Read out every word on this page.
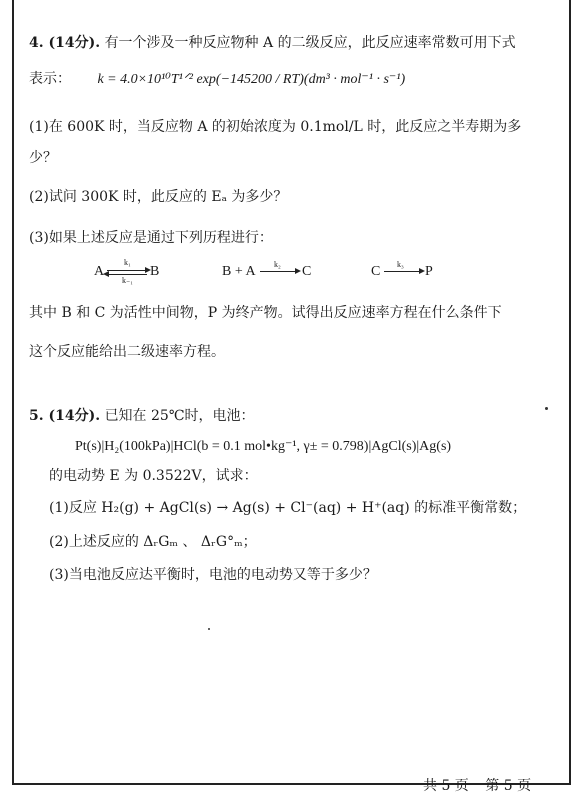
4. (14分). 有一个涉及一种反应物种 A 的二级反应，此反应速率常数可用下式
表示： k = 4.0×10¹⁰T¹ᐟ² exp(−145200 / RT)(dm³ · mol⁻¹ · s⁻¹)
(1)在 600K 时，当反应物 A 的初始浓度为 0.1mol/L 时，此反应之半寿期为多
少？
(2)试问 300K 时，此反应的 Eₐ 为多少？
(3)如果上述反应是通过下列历程进行：
A
k₁
k₋₁
B	B + A k₂ C	C k₃ P
其中 B 和 C 为活性中间物，P 为终产物。试得出反应速率方程在什么条件下
这个反应能给出二级速率方程。
5. (14分). 已知在 25℃时，电池：
Pt(s)|H₂(100kPa)|HCl(b = 0.1 mol•kg⁻¹, γ± = 0.798)|AgCl(s)|Ag(s)
的电动势 E 为 0.3522V，试求：
(1)反应 H₂(g) + AgCl(s) → Ag(s) + Cl⁻(aq) + H⁺(aq) 的标准平衡常数；
(2)上述反应的 ΔᵣGₘ 、 ΔᵣG°ₘ；
(3)当电池反应达平衡时，电池的电动势又等于多少？
共 5 页 第 5 页
